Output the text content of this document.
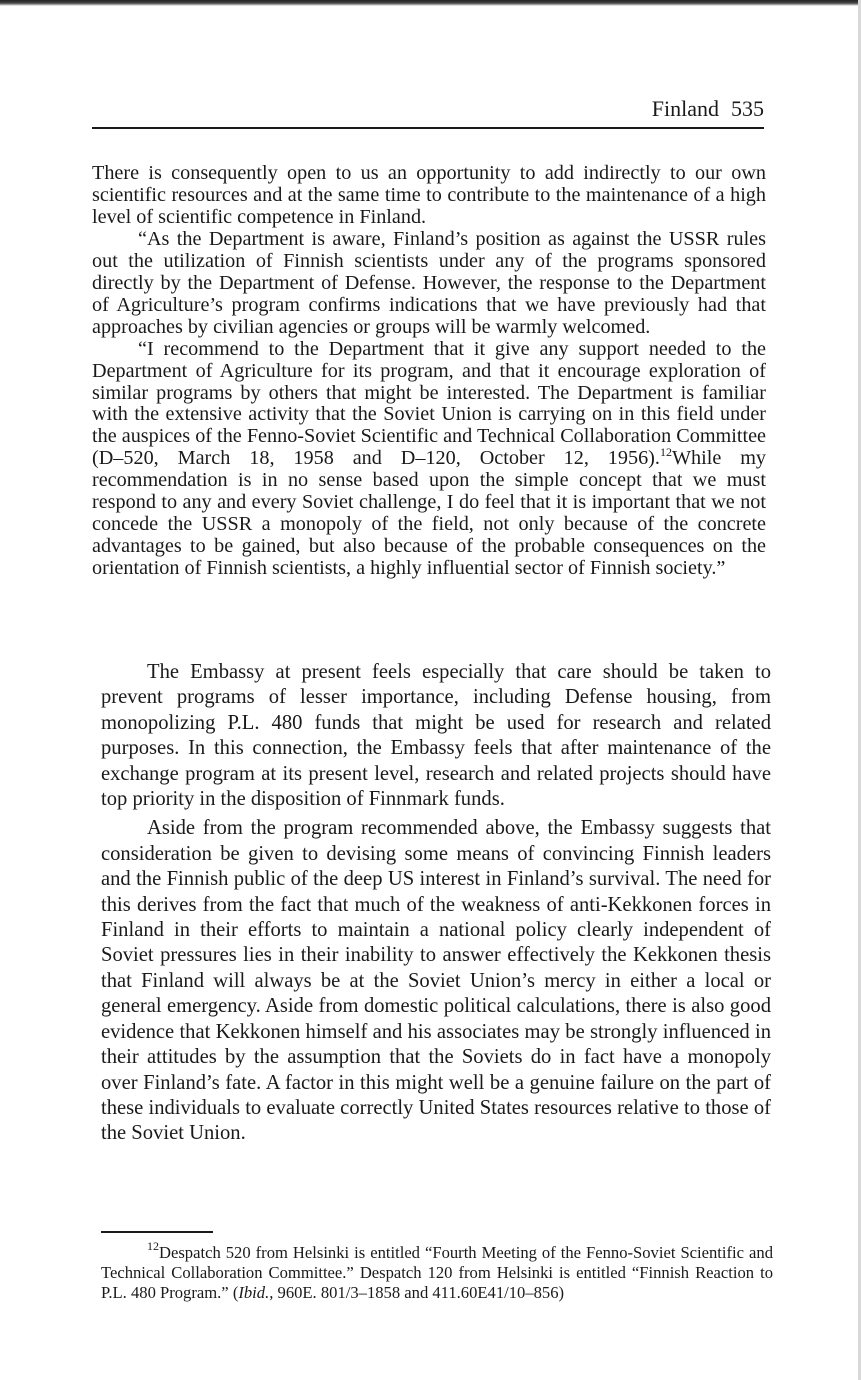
Finland 535

There is consequently open to us an opportunity to add indirectly to our own scientific resources and at the same time to contribute to the maintenance of a high level of scientific competence in Finland.

“As the Department is aware, Finland’s position as against the USSR rules out the utilization of Finnish scientists under any of the programs sponsored directly by the Department of Defense. However, the response to the Department of Agriculture’s program confirms indications that we have previously had that approaches by civilian agencies or groups will be warmly welcomed.

“I recommend to the Department that it give any support needed to the Department of Agriculture for its program, and that it encourage exploration of similar programs by others that might be interested. The Department is familiar with the extensive activity that the Soviet Union is carrying on in this field under the auspices of the Fenno-Soviet Scientific and Technical Collaboration Committee (D–520, March 18, 1958 and D–120, October 12, 1956).$^{12}$While my recommendation is in no sense based upon the simple concept that we must respond to any and every Soviet challenge, I do feel that it is important that we not concede the USSR a monopoly of the field, not only because of the concrete advantages to be gained, but also because of the probable consequences on the orientation of Finnish scientists, a highly influential sector of Finnish society.”

The Embassy at present feels especially that care should be taken to prevent programs of lesser importance, including Defense housing, from monopolizing P.L. 480 funds that might be used for research and related purposes. In this connection, the Embassy feels that after maintenance of the exchange program at its present level, research and related projects should have top priority in the disposition of Finnmark funds.

Aside from the program recommended above, the Embassy suggests that consideration be given to devising some means of convincing Finnish leaders and the Finnish public of the deep US interest in Finland’s survival. The need for this derives from the fact that much of the weakness of anti-Kekkonen forces in Finland in their efforts to maintain a national policy clearly independent of Soviet pressures lies in their inability to answer effectively the Kekkonen thesis that Finland will always be at the Soviet Union’s mercy in either a local or general emergency. Aside from domestic political calculations, there is also good evidence that Kekkonen himself and his associates may be strongly influenced in their attitudes by the assumption that the Soviets do in fact have a monopoly over Finland’s fate. A factor in this might well be a genuine failure on the part of these individuals to evaluate correctly United States resources relative to those of the Soviet Union.

$^{12}$Despatch 520 from Helsinki is entitled “Fourth Meeting of the Fenno-Soviet Scientific and Technical Collaboration Committee.” Despatch 120 from Helsinki is entitled “Finnish Reaction to P.L. 480 Program.” (Ibid., 960E. 801/3–1858 and 411.60E41/10–856)
